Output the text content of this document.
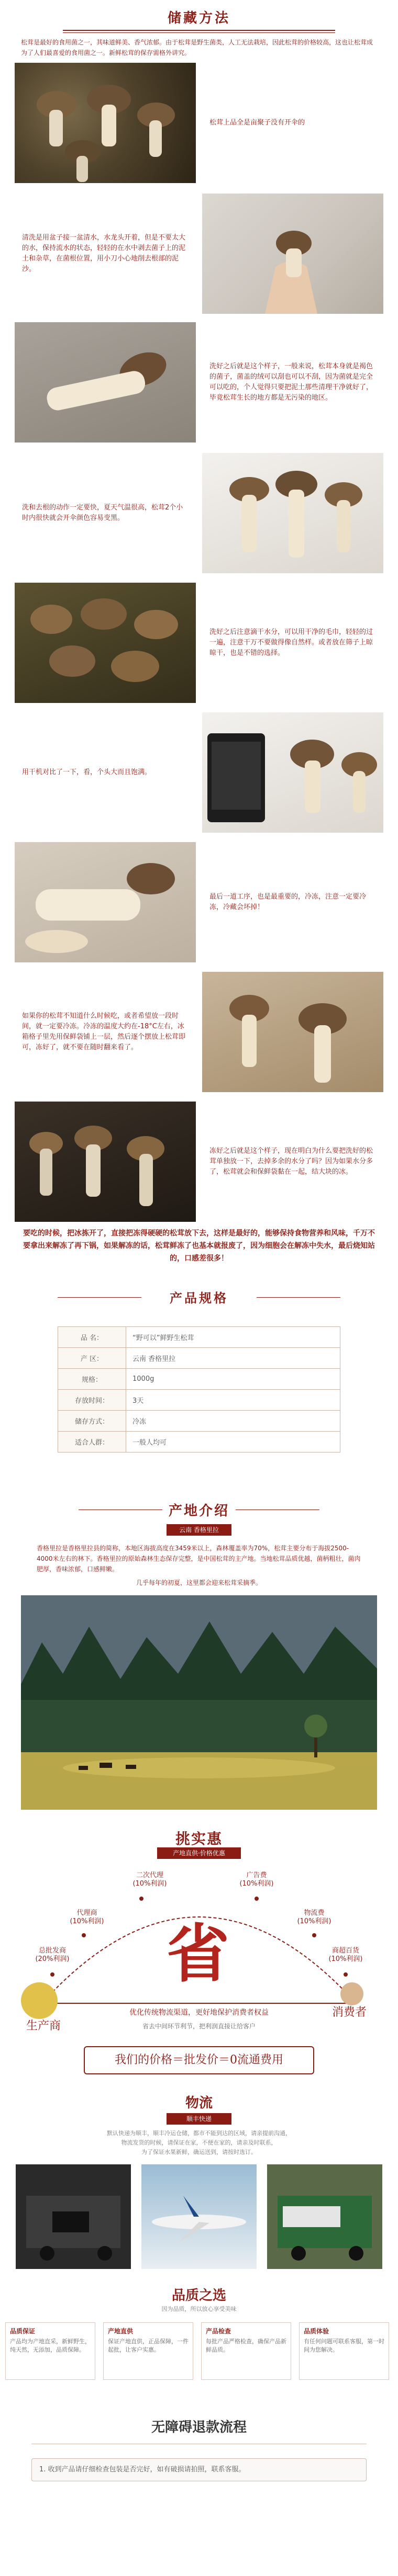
储藏方法
松茸是最好的食用菌之一，其味道鲜美、香气浓郁。由于松茸是野生菌类，人工无法栽培，因此松茸的价格较高，这也让松茸成为了人们最喜爱的食用菌之一。新鲜松茸的保存需格外讲究。
松茸上品全是亩聚子没有开伞的
清洗是用盆子接一盆清水，水龙头开着，但是不要太大的水，保持流水的状态，轻轻的在水中剥去菌子上的泥土和杂草，在菌根位置，用小刀小心地削去根部的泥沙。
洗好之后就是这个样子，一般来说，松茸本身就是褐色的菌子，菌盖的绒可以刮也可以不刮，因为菌就是完全可以吃的，个人觉得只要把泥土那些清理干净就好了，毕竟松茸生长的地方都是无污染的地区。
洗和去根的动作一定要快，夏天气温很高，松茸2个小时内很快就会开伞颜色容易变黑。
洗好之后注意滴干水分，可以用干净的毛巾，轻轻的过一遍，注意干万不要做得像自然样。或者放在筛子上晾晾干，也是不错的选择。
用干机对比了一下，看，个头大而且饱满。
最后一道工序，也是最重要的，冷冻，注意一定要冷冻，冷藏会坏掉！
如果你的松茸不知道什么时候吃，或者希望放一段时间，就一定要冷冻。冷冻的温度大约在-18°C左右，冰箱格子里先用保鲜袋铺上一层，然后逐个摆放上松茸即可，冻好了，就不要在随时翻来看了。
冻好之后就是这个样子，现在明白为什么要把洗好的松茸单独放一下，去掉多余的水分了吗？因为如果水分多了，松茸就会和保鲜袋黏在一起，结大块的冰。
要吃的时候，把冰拣开了，直接把冻得硬硬的松茸放下去，这样是最好的，能够保持食物营养和风味，千万不要拿出来解冻了再下锅，如果解冻的话，松茸鲜冻了也基本就报废了，因为细胞会在解冻中失水，最后烧知站的，口感差很多！
产品规格
品 名：	“野可以”鲜野生松茸
产 区：	云南 香格里拉
规格：	1000g
存放时间：	3天
储存方式：	冷冻
适合人群：	一般人均可
产地介绍
云南 香格里拉
香格里拉是香格里拉县的简称，本地区海拔高度在3459米以上，森林覆盖率为70%，松茸主要分布于海拔2500-4000米左右的林下。香格里拉的原始森林生态保存完整，是中国松茸的主产地。当地松茸品质优越，菌柄粗壮，菌肉肥厚，香味浓郁，口感鲜嫩。
几乎每年的初夏，这里都会迎来松茸采摘季。
挑实惠
产地直供·价格优惠
二次代理
(10%利润)
广告费
(10%利润)
代理商
(10%利润)
物流费
(10%利润)
总批发商
(20%利润)
商超百货
(10%利润)
省
生产商
消费者
优化传统物流渠道，更好地保护消费者权益
省去中间环节利节，把利润直接让给客户
我们的价格＝批发价＝0流通费用
物流
顺丰快递
默认快递为顺丰，顺丰冷运仓储，都市不能到达的区域，请亲提前沟通，
物流发货的时候，请保证在家，不便在家的，请亲及时联系，
为了保证水果新鲜，确运送到，请按时选订。
品质之选
因为品质，所以放心享受美味
品质保证
产品均为产地直采，新鲜野生，纯天然，无添加，品质保障。
产地直供
保证产地直供，正品保障，一件起批，让客户实惠。
产品检查
每批产品严格检查，确保产品新鲜品质。
品质体验
有任何问题可联系客服，第一时间为您解决。
无障碍退款流程
1. 收到产品请仔细检查包装是否完好，如有破损请拍照，联系客服。
